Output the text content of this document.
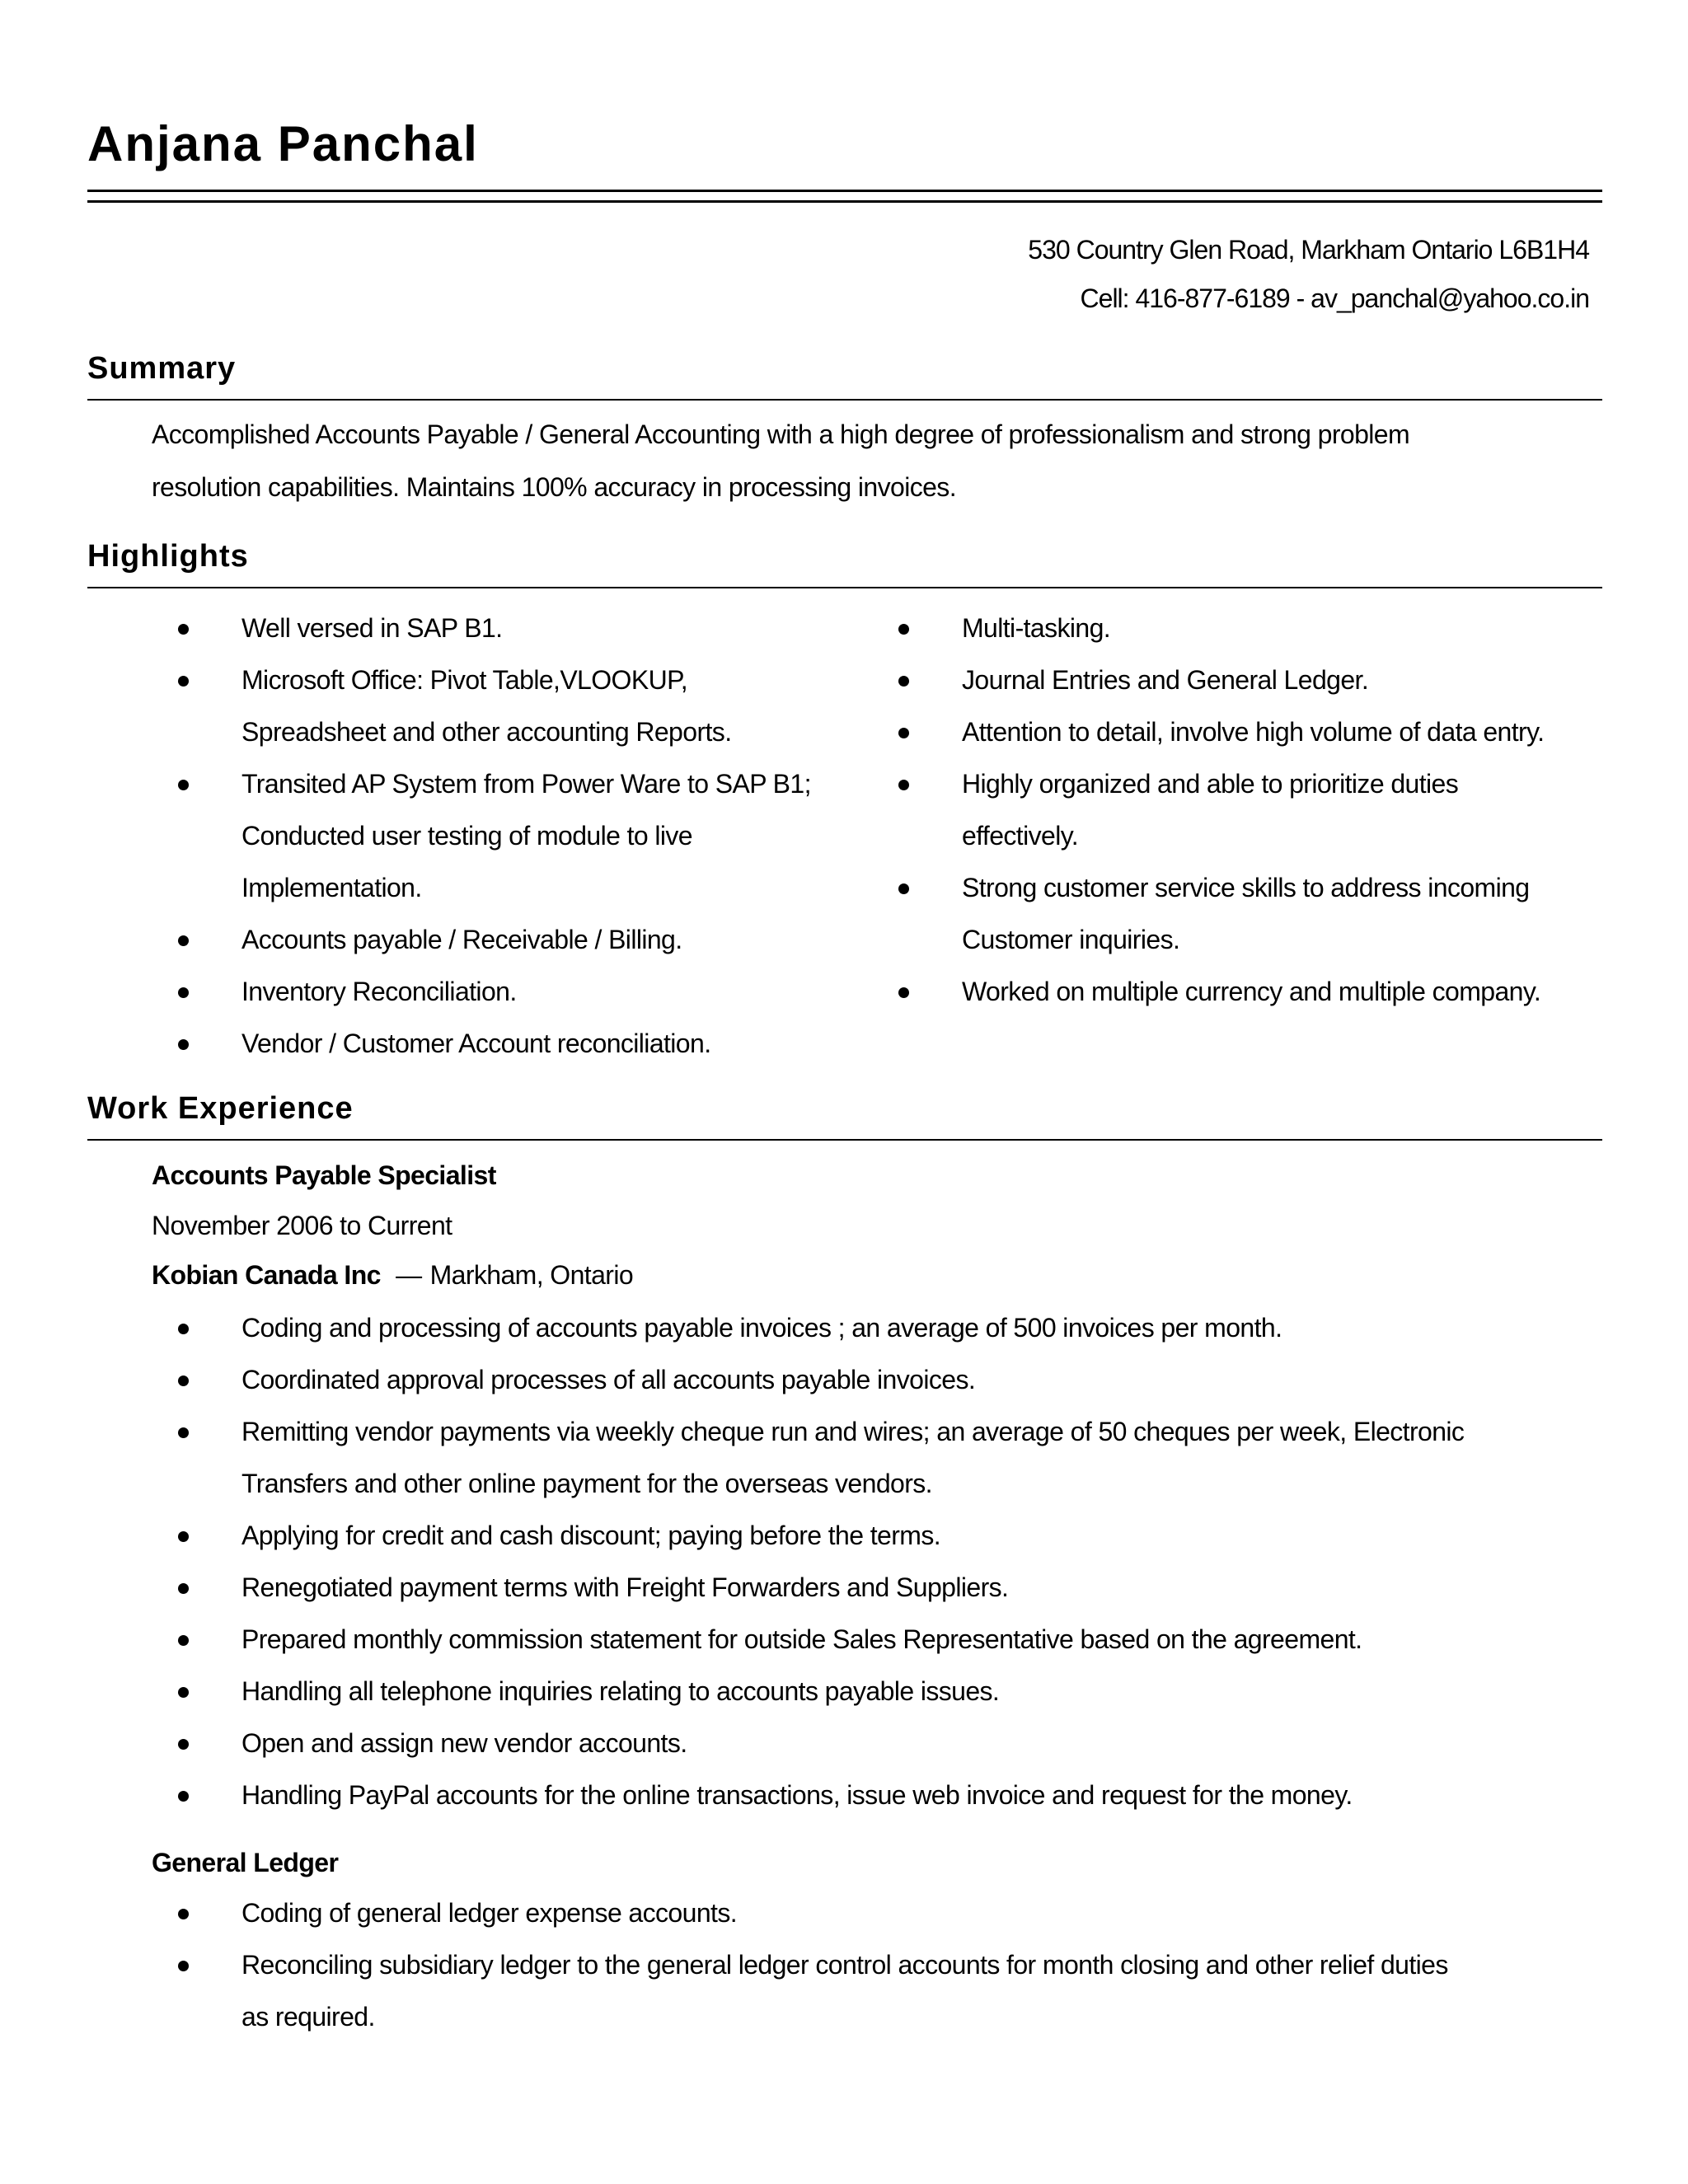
Anjana Panchal
530 Country Glen Road, Markham Ontario L6B1H4
Cell: 416-877-6189 - av_panchal@yahoo.co.in
Summary

Accomplished Accounts Payable / General Accounting with a high degree of professionalism and strong problem

resolution capabilities. Maintains 100% accuracy in processing invoices.

Highlights
Well versed in SAP B1.
Microsoft Office: Pivot Table,VLOOKUP,
Spreadsheet and other accounting Reports.
Transited AP System from Power Ware to SAP B1;
Conducted user testing of module to live
Implementation.
Accounts payable / Receivable / Billing.
Inventory Reconciliation.
Vendor / Customer Account reconciliation.
Multi-tasking.
Journal Entries and General Ledger.
Attention to detail, involve high volume of data entry.
Highly organized and able to prioritize duties
effectively.
Strong customer service skills to address incoming
Customer inquiries.
Worked on multiple currency and multiple company.
Work Experience

Accounts Payable Specialist

November 2006 to Current

Kobian Canada Inc — Markham, Ontario

Coding and processing of accounts payable invoices ; an average of 500 invoices per month.
Coordinated approval processes of all accounts payable invoices.
Remitting vendor payments via weekly cheque run and wires; an average of 50 cheques per week, Electronic
Transfers and other online payment for the overseas vendors.
Applying for credit and cash discount; paying before the terms.
Renegotiated payment terms with Freight Forwarders and Suppliers.
Prepared monthly commission statement for outside Sales Representative based on the agreement.
Handling all telephone inquiries relating to accounts payable issues.
Open and assign new vendor accounts.
Handling PayPal accounts for the online transactions, issue web invoice and request for the money.

General Ledger

Coding of general ledger expense accounts.
Reconciling subsidiary ledger to the general ledger control accounts for month closing and other relief duties
as required.
